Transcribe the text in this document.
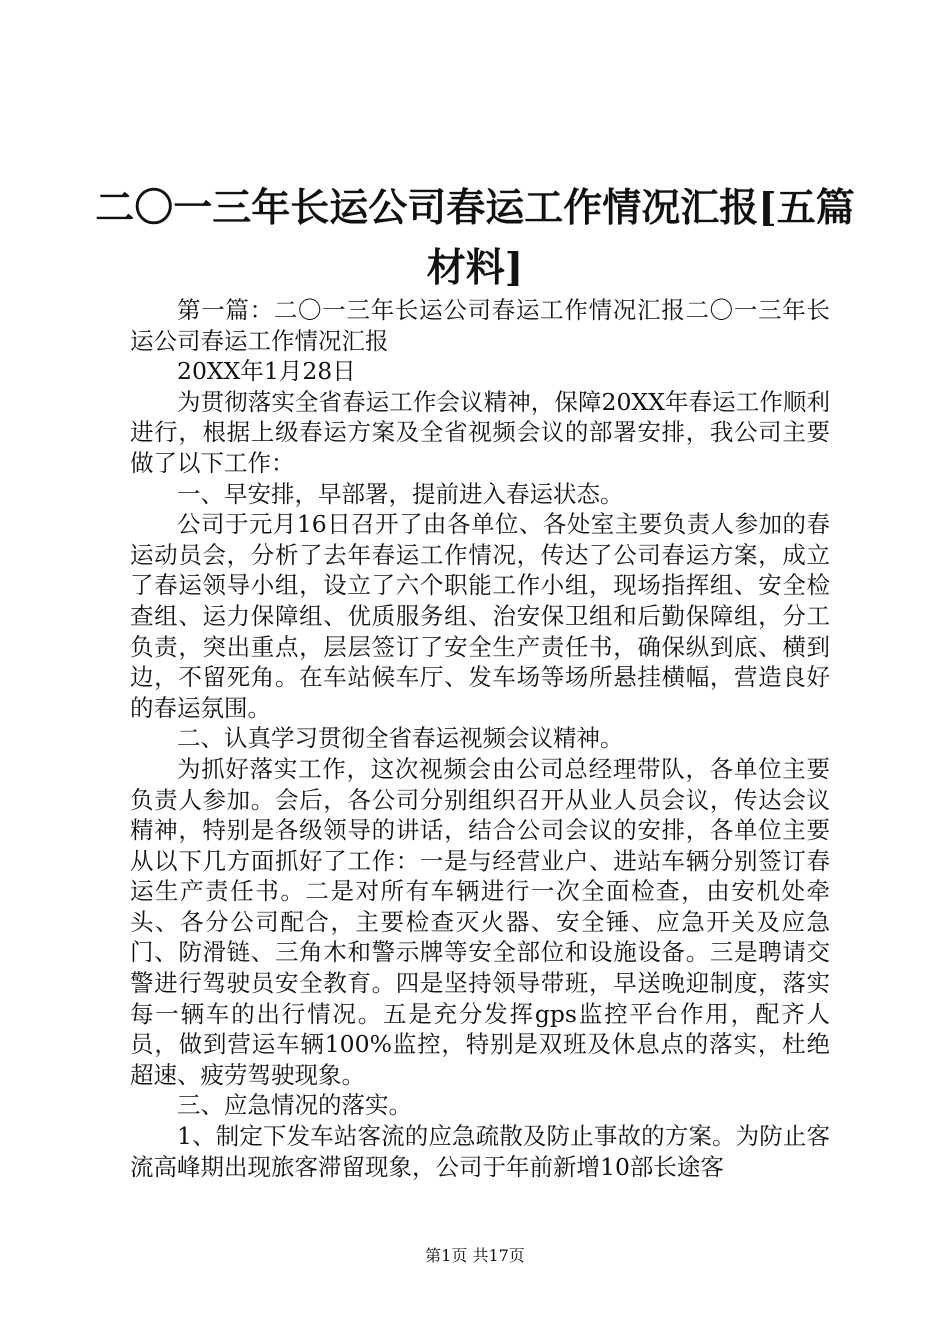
二〇一三年长运公司春运工作情况汇报[五篇材料]

第一篇：二〇一三年长运公司春运工作情况汇报二〇一三年长运公司春运工作情况汇报

20XX年1月28日

为贯彻落实全省春运工作会议精神，保障20XX年春运工作顺利进行，根据上级春运方案及全省视频会议的部署安排，我公司主要做了以下工作：

一、早安排，早部署，提前进入春运状态。

公司于元月16日召开了由各单位、各处室主要负责人参加的春运动员会，分析了去年春运工作情况，传达了公司春运方案，成立了春运领导小组，设立了六个职能工作小组，现场指挥组、安全检查组、运力保障组、优质服务组、治安保卫组和后勤保障组，分工负责，突出重点，层层签订了安全生产责任书，确保纵到底、横到边，不留死角。在车站候车厅、发车场等场所悬挂横幅，营造良好的春运氛围。

二、认真学习贯彻全省春运视频会议精神。

为抓好落实工作，这次视频会由公司总经理带队，各单位主要负责人参加。会后，各公司分别组织召开从业人员会议，传达会议精神，特别是各级领导的讲话，结合公司会议的安排，各单位主要从以下几方面抓好了工作：一是与经营业户、进站车辆分别签订春运生产责任书。二是对所有车辆进行一次全面检查，由安机处牵头、各分公司配合，主要检查灭火器、安全锤、应急开关及应急门、防滑链、三角木和警示牌等安全部位和设施设备。三是聘请交警进行驾驶员安全教育。四是坚持领导带班，早送晚迎制度，落实每一辆车的出行情况。五是充分发挥gps监控平台作用，配齐人员，做到营运车辆100%监控，特别是双班及休息点的落实，杜绝超速、疲劳驾驶现象。

三、应急情况的落实。

1、制定下发车站客流的应急疏散及防止事故的方案。为防止客流高峰期出现旅客滞留现象，公司于年前新增10部长途客

第1页 共17页
